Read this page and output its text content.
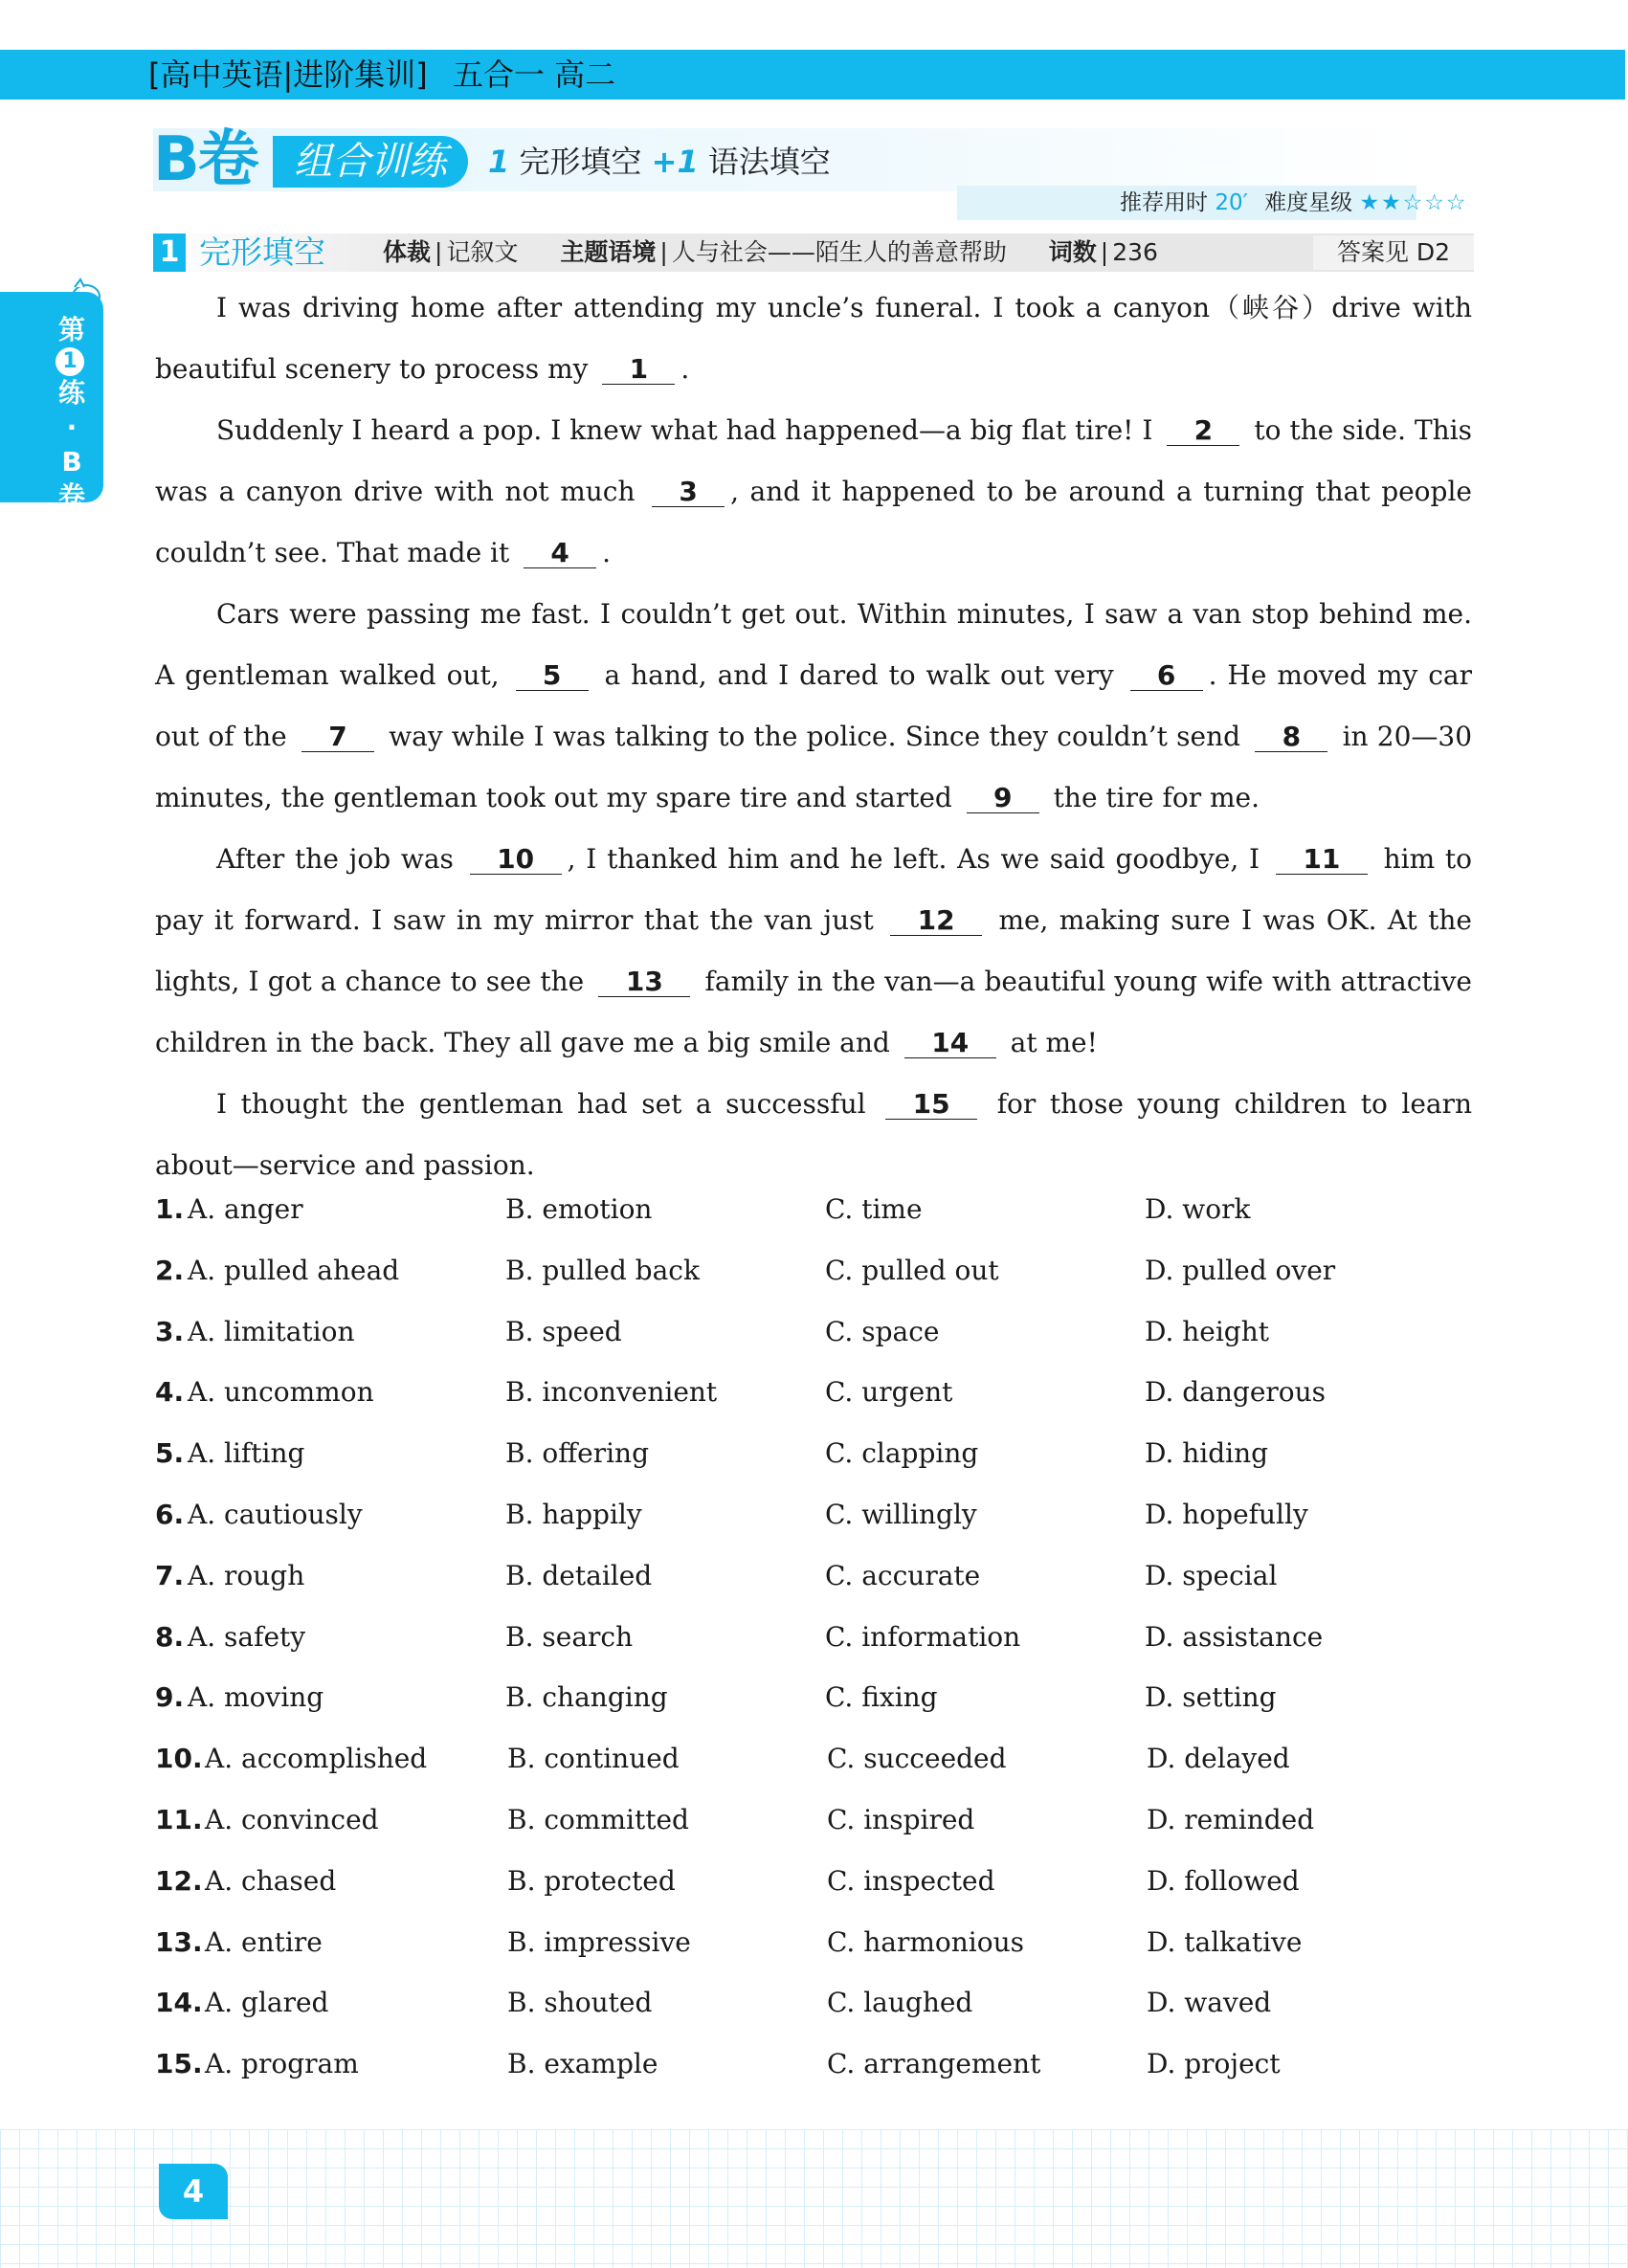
[高中英语|进阶集训] 五合一 高二
第
1
练
·
B
卷
B卷 组合训练	1 完形填空 +1 语法填空
推荐用时 20′ 难度星级 ★★☆☆☆
1 完形填空 体裁 | 记叙文 主题语境 | 人与社会——陌生人的善意帮助 词数 | 236	答案见 D2

I was driving home after attending my uncle’s funeral. I took a canyon（峡谷）drive with beautiful scenery to process my 1 .

Suddenly I heard a pop. I knew what had happened—a big flat tire! I 2 to the side. This was a canyon drive with not much 3 , and it happened to be around a turning that people couldn’t see. That made it 4 .

Cars were passing me fast. I couldn’t get out. Within minutes, I saw a van stop behind me. A gentleman walked out, 5 a hand, and I dared to walk out very 6 . He moved my car out of the 7 way while I was talking to the police. Since they couldn’t send 8 in 20—30 minutes, the gentleman took out my spare tire and started 9 the tire for me.

After the job was 10 , I thanked him and he left. As we said goodbye, I 11 him to pay it forward. I saw in my mirror that the van just 12 me, making sure I was OK. At the lights, I got a chance to see the 13 family in the van—a beautiful young wife with attractive children in the back. They all gave me a big smile and 14 at me!

I thought the gentleman had set a successful 15 for those young children to learn about—service and passion.

1. A. anger	B. emotion	C. time	D. work
2. A. pulled ahead	B. pulled back	C. pulled out	D. pulled over
3. A. limitation	B. speed	C. space	D. height
4. A. uncommon	B. inconvenient	C. urgent	D. dangerous
5. A. lifting	B. offering	C. clapping	D. hiding
6. A. cautiously	B. happily	C. willingly	D. hopefully
7. A. rough	B. detailed	C. accurate	D. special
8. A. safety	B. search	C. information	D. assistance
9. A. moving	B. changing	C. fixing	D. setting
10. A. accomplished	B. continued	C. succeeded	D. delayed
11. A. convinced	B. committed	C. inspired	D. reminded
12. A. chased	B. protected	C. inspected	D. followed
13. A. entire	B. impressive	C. harmonious	D. talkative
14. A. glared	B. shouted	C. laughed	D. waved
15. A. program	B. example	C. arrangement	D. project
4
